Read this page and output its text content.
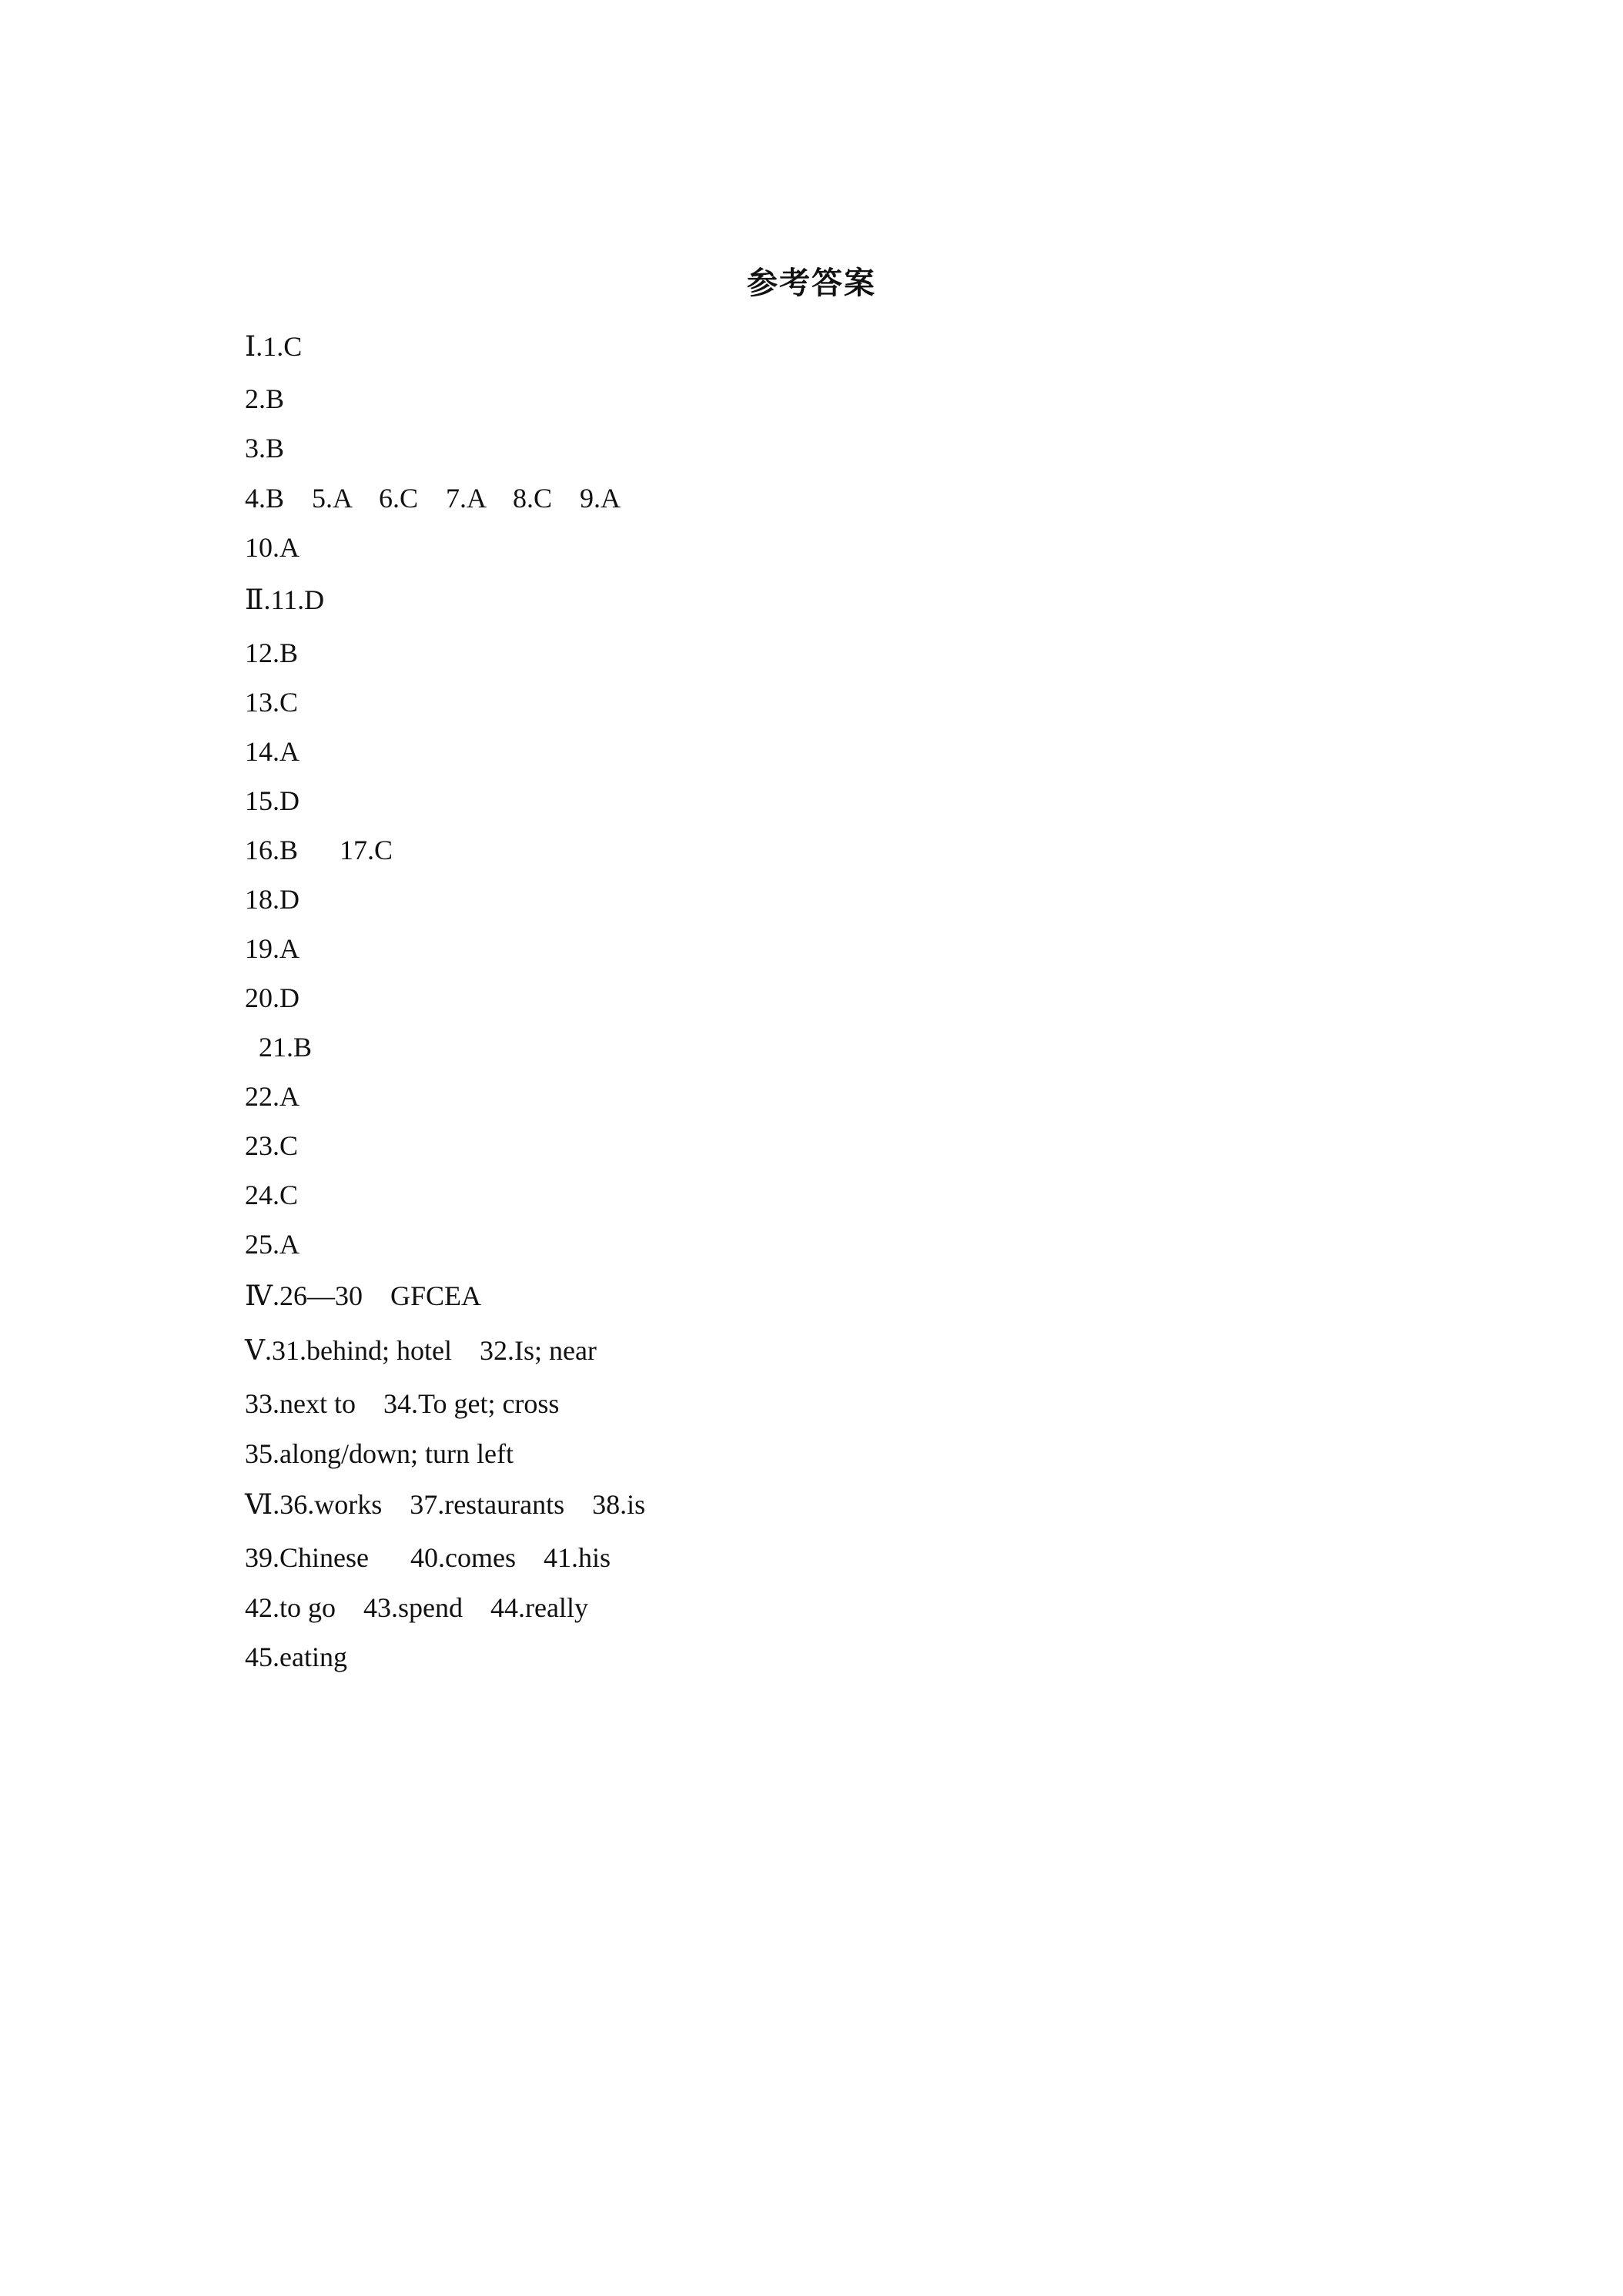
参考答案
Ⅰ.1.C
2.B
3.B
4.B    5.A    6.C    7.A    8.C    9.A
10.A
Ⅱ.11.D
12.B
13.C
14.A
15.D
16.B      17.C
18.D
19.A
20.D
21.B
22.A
23.C
24.C
25.A
Ⅳ.26—30    GFCEA
Ⅴ.31.behind; hotel    32.Is; near
33.next to    34.To get; cross
35.along/down; turn left
Ⅵ.36.works    37.restaurants    38.is
39.Chinese      40.comes    41.his
42.to go    43.spend    44.really
45.eating
